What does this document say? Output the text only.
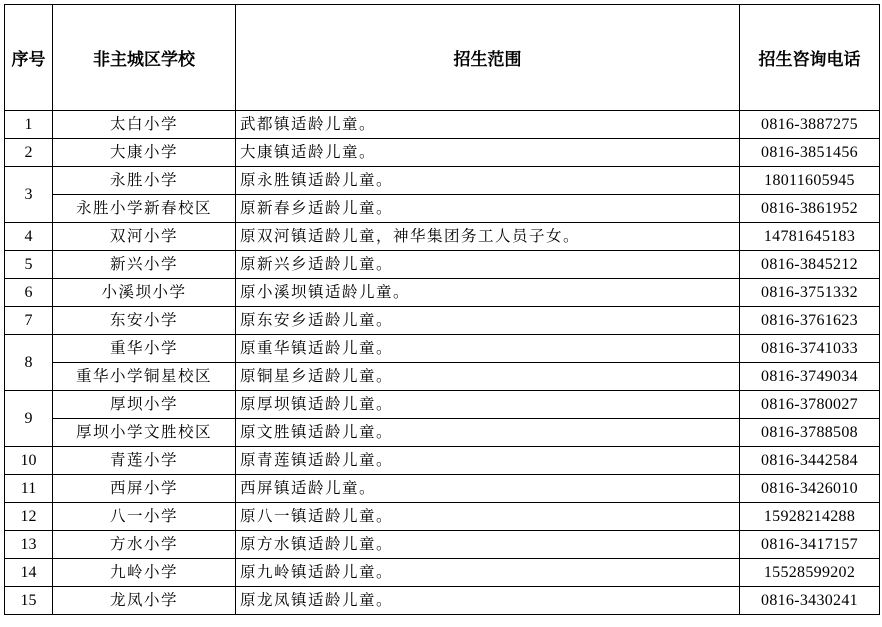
序号	非主城区学校	招生范围	招生咨询电话
1	太白小学	武都镇适龄儿童。	0816-3887275
2	大康小学	大康镇适龄儿童。	0816-3851456
3	永胜小学	原永胜镇适龄儿童。	18011605945
	永胜小学新春校区	原新春乡适龄儿童。	0816-3861952
4	双河小学	原双河镇适龄儿童，神华集团务工人员子女。	14781645183
5	新兴小学	原新兴乡适龄儿童。	0816-3845212
6	小溪坝小学	原小溪坝镇适龄儿童。	0816-3751332
7	东安小学	原东安乡适龄儿童。	0816-3761623
8	重华小学	原重华镇适龄儿童。	0816-3741033
	重华小学铜星校区	原铜星乡适龄儿童。	0816-3749034
9	厚坝小学	原厚坝镇适龄儿童。	0816-3780027
	厚坝小学文胜校区	原文胜镇适龄儿童。	0816-3788508
10	青莲小学	原青莲镇适龄儿童。	0816-3442584
11	西屏小学	西屏镇适龄儿童。	0816-3426010
12	八一小学	原八一镇适龄儿童。	15928214288
13	方水小学	原方水镇适龄儿童。	0816-3417157
14	九岭小学	原九岭镇适龄儿童。	15528599202
15	龙凤小学	原龙凤镇适龄儿童。	0816-3430241
